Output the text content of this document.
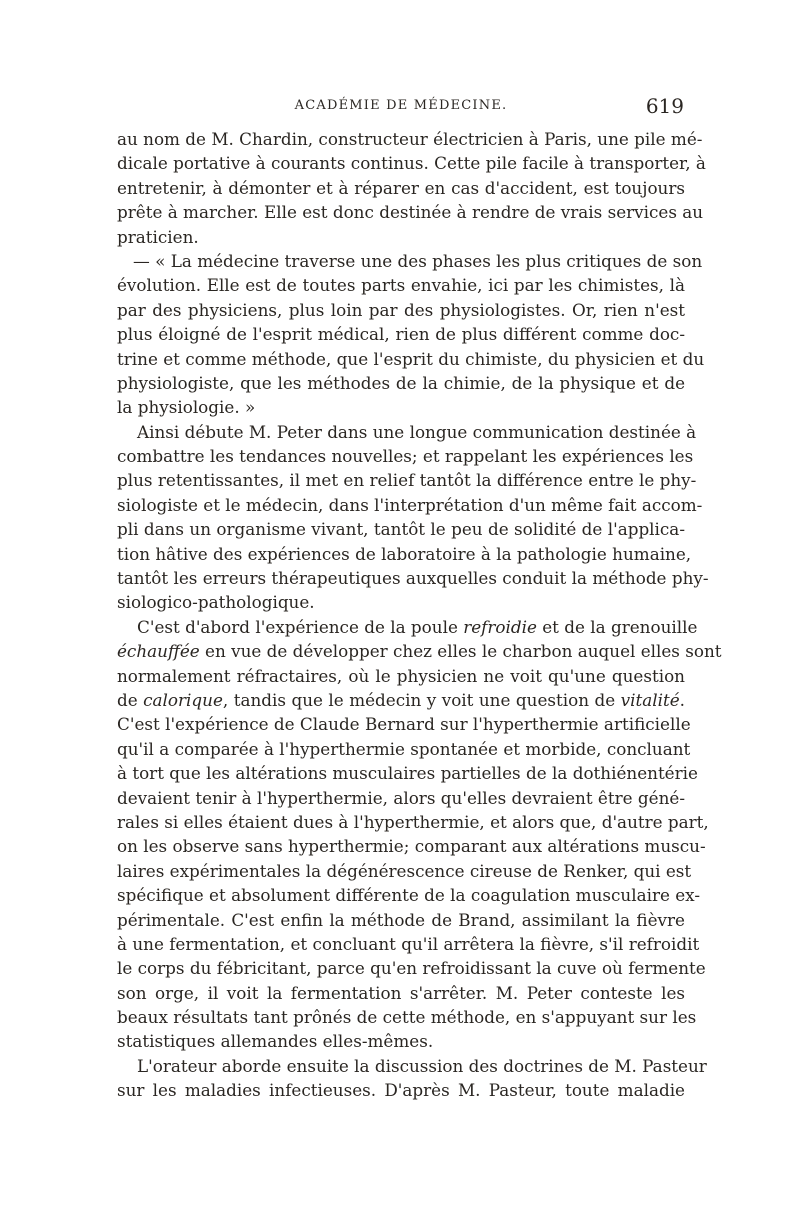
ACADÉMIE DE MÉDECINE.	619
au nom de M. Chardin, constructeur électricien à Paris, une pile mé-
dicale portative à courants continus. Cette pile facile à transporter, à
entretenir, à démonter et à réparer en cas d'accident, est toujours
prête à marcher. Elle est donc destinée à rendre de vrais services au
praticien.
— « La médecine traverse une des phases les plus critiques de son
évolution. Elle est de toutes parts envahie, ici par les chimistes, là
par des physiciens, plus loin par des physiologistes. Or, rien n'est
plus éloigné de l'esprit médical, rien de plus différent comme doc-
trine et comme méthode, que l'esprit du chimiste, du physicien et du
physiologiste, que les méthodes de la chimie, de la physique et de
la physiologie. »
Ainsi débute M. Peter dans une longue communication destinée à
combattre les tendances nouvelles; et rappelant les expériences les
plus retentissantes, il met en relief tantôt la différence entre le phy-
siologiste et le médecin, dans l'interprétation d'un même fait accom-
pli dans un organisme vivant, tantôt le peu de solidité de l'applica-
tion hâtive des expériences de laboratoire à la pathologie humaine,
tantôt les erreurs thérapeutiques auxquelles conduit la méthode phy-
siologico-pathologique.
C'est d'abord l'expérience de la poule refroidie et de la grenouille
échauffée en vue de développer chez elles le charbon auquel elles sont
normalement réfractaires, où le physicien ne voit qu'une question
de calorique, tandis que le médecin y voit une question de vitalité.
C'est l'expérience de Claude Bernard sur l'hyperthermie artificielle
qu'il a comparée à l'hyperthermie spontanée et morbide, concluant
à tort que les altérations musculaires partielles de la dothiénentérie
devaient tenir à l'hyperthermie, alors qu'elles devraient être géné-
rales si elles étaient dues à l'hyperthermie, et alors que, d'autre part,
on les observe sans hyperthermie; comparant aux altérations muscu-
laires expérimentales la dégénérescence cireuse de Renker, qui est
spécifique et absolument différente de la coagulation musculaire ex-
périmentale. C'est enfin la méthode de Brand, assimilant la fièvre
à une fermentation, et concluant qu'il arrêtera la fièvre, s'il refroidit
le corps du fébricitant, parce qu'en refroidissant la cuve où fermente
son orge, il voit la fermentation s'arrêter. M. Peter conteste les
beaux résultats tant prônés de cette méthode, en s'appuyant sur les
statistiques allemandes elles-mêmes.
L'orateur aborde ensuite la discussion des doctrines de M. Pasteur
sur les maladies infectieuses. D'après M. Pasteur, toute maladie
